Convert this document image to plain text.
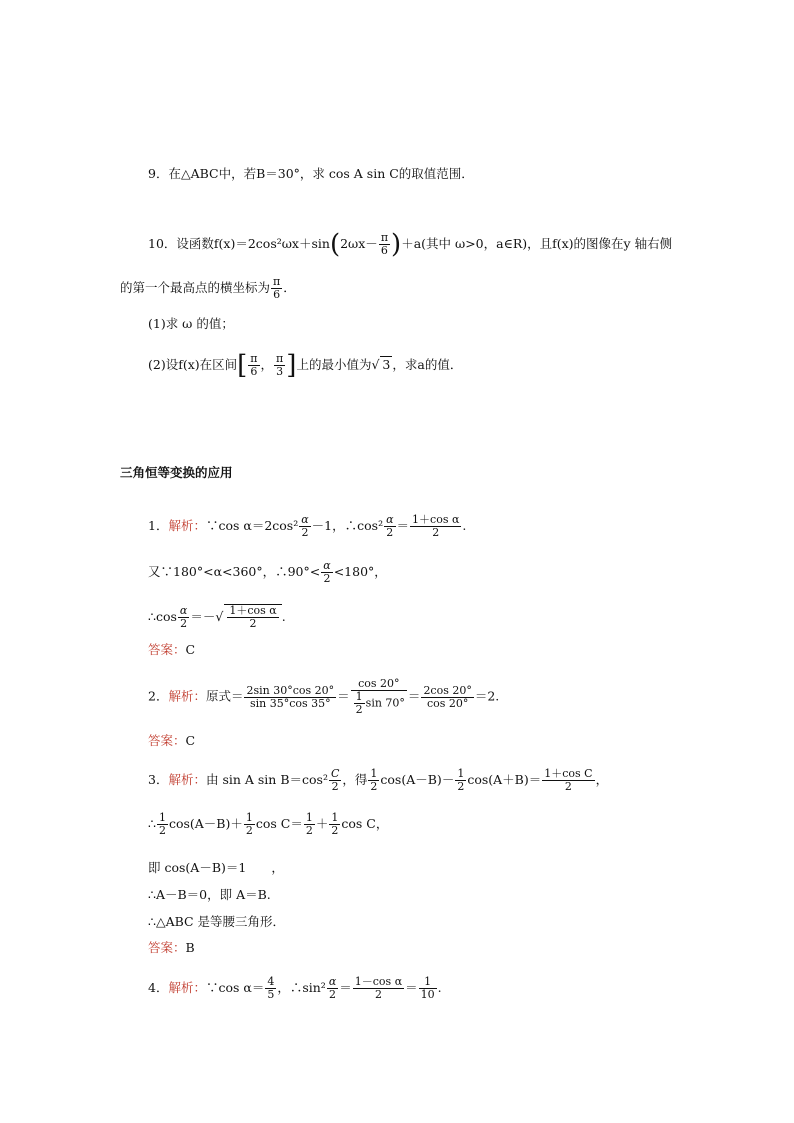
9．在△ABC中，若B＝30°，求 cos A sin C的取值范围．
10．设函数$f(x)=2\cos^2\omega x+\sin(2\omega x- \frac{\pi}{6} )+a$(其中 ω>0，a∈R)，且f(x)的图像在y 轴右侧
的第一个最高点的横坐标为 $\frac{\pi}{6}$ ．
(1)求 ω 的值；
(2)设f(x)在区间[ $\frac{\pi}{6}$ ， $\frac{\pi}{3}$ ]上的最小值为√ 3 ，求a的值．
三角恒等变换的应用
1．解析：∵cos $\alpha=2\cos^2 \frac{\alpha}{2} -1$，∴cos² $\frac{\alpha}{2} = \frac{\text{1＋cos α}}{2}$ .
又∵180°<α<360°，∴90°< $\frac{\alpha}{2} <180^\circ$，
∴cos $\frac{\alpha}{2}$ ＝－√ $\frac{\text{1＋cos α}}{2}$ .
答案：C
2．解析：原式＝ $\frac{2\sin 30^\circ\cos 20^\circ}{\sin 35^\circ\cos 35^\circ} = \frac{\cos 20^\circ}{\frac{1}{2} \sin 70^\circ} = \frac{2\cos 20^\circ}{\cos 20^\circ} =2$.
答案：C
3．解析：由 sin A $\sin B=\cos^2 \frac{C}{2}$ ，得 $\frac{1}{2} \cos(A-B)- \frac{1}{2} \cos(A+B)= \frac{\text{1＋cos C}}{2}$ ，
∴ $\frac{1}{2} \cos(A-B)+ \frac{1}{2}$ $\cos C= \frac{1}{2} + \frac{1}{2}$ cos C，
即 cos(A－B)＝1　　，
∴A－B＝0，即 A＝B.
∴△ABC 是等腰三角形．
答案：B
4．解析：∵cos $\alpha= \frac{4}{5}$ ，∴sin² $\frac{\alpha}{2} = \frac{\text{1－cos α}}{2} = \frac{1}{10}$ .
